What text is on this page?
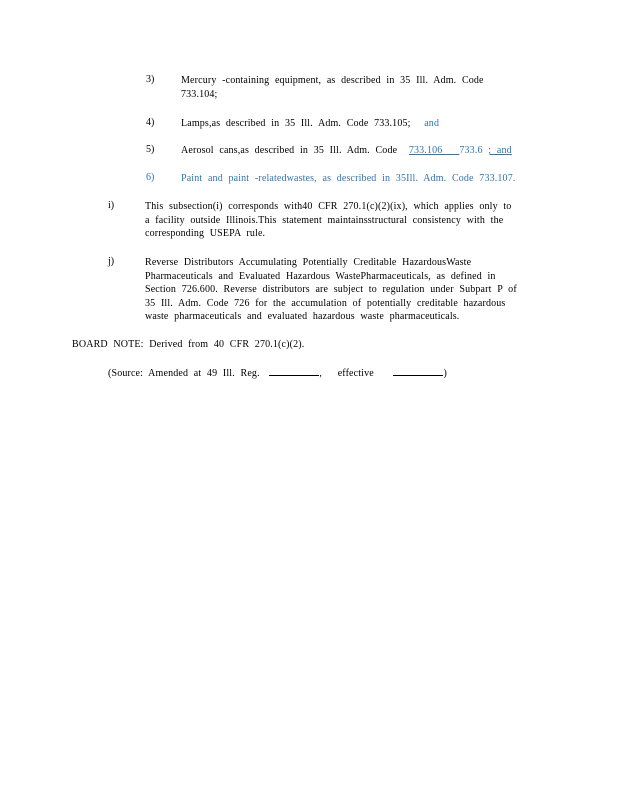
3)	Mercury -containing equipment, as described in 35 Ill. Adm. Code
733.104;
4)	Lamps,as described in 35 Ill. Adm. Code 733.105; and
5)	Aerosol cans,as described in 35 Ill. Adm. Code 733.106 733.6 ; and
6)	Paint and paint -relatedwastes, as described in 35Ill. Adm. Code 733.107.
i)	This subsection(i) corresponds with40 CFR 270.1(c)(2)(ix), which applies only to
a facility outside Illinois.This statement maintainsstructural consistency with the
corresponding USEPA rule.
j)	Reverse Distributors Accumulating Potentially Creditable HazardousWaste
Pharmaceuticals and Evaluated Hazardous WastePharmaceuticals, as defined in
Section 726.600. Reverse distributors are subject to regulation under Subpart P of
35 Ill. Adm. Code 726 for the accumulation of potentially creditable hazardous
waste pharmaceuticals and evaluated hazardous waste pharmaceuticals.
BOARD NOTE: Derived from 40 CFR 270.1(c)(2).
(Source: Amended at 49 Ill. Reg.	, effective	)
